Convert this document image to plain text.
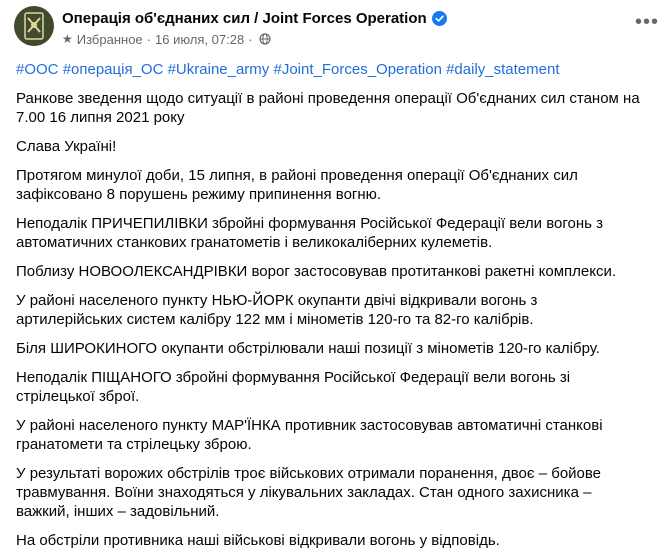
Операція об'єднаних сил / Joint Forces Operation
★ Избранное · 16 июля, 07:28 ·
•••

#ООС #операція_ОС #Ukraine_army #Joint_Forces_Operation #daily_statement

Ранкове зведення щодо ситуації в районі проведення операції Об'єднаних сил станом на 7.00 16 липня 2021 року

Слава Україні!

Протягом минулої доби, 15 липня, в районі проведення операції Об'єднаних сил зафіксовано 8 порушень режиму припинення вогню.

Неподалік ПРИЧЕПИЛІВКИ збройні формування Російської Федерації вели вогонь з автоматичних станкових гранатометів і великокаліберних кулеметів.

Поблизу НОВООЛЕКСАНДРІВКИ ворог застосовував протитанкові ракетні комплекси.

У районі населеного пункту НЬЮ-ЙОРК окупанти двічі відкривали вогонь з артилерійських систем калібру 122 мм і мінометів 120-го та 82-го калібрів.

Біля ШИРОКИНОГО окупанти обстрілювали наші позиції з мінометів 120-го калібру.

Неподалік ПІЩАНОГО збройні формування Російської Федерації вели вогонь зі стрілецької зброї.

У районі населеного пункту МАР'ЇНКА противник застосовував автоматичні станкові гранатомети та стрілецьку зброю.

У результаті ворожих обстрілів троє військових отримали поранення, двоє – бойове травмування. Воїни знаходяться у лікувальних закладах. Стан одного захисника – важкий, інших – задовільний.

На обстріли противника наші військові відкривали вогонь у відповідь.
